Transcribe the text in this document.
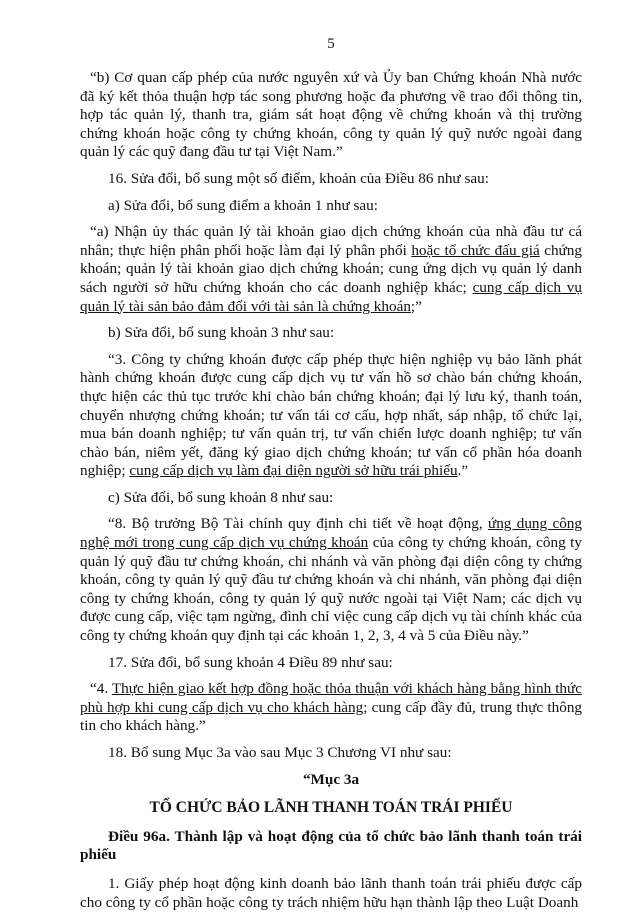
5

“b) Cơ quan cấp phép của nước nguyên xứ và Ủy ban Chứng khoán Nhà nước đã ký kết thỏa thuận hợp tác song phương hoặc đa phương về trao đổi thông tin, hợp tác quản lý, thanh tra, giám sát hoạt động về chứng khoán và thị trường chứng khoán hoặc công ty chứng khoán, công ty quản lý quỹ nước ngoài đang quản lý các quỹ đang đầu tư tại Việt Nam.”

16. Sửa đổi, bổ sung một số điểm, khoản của Điều 86 như sau:

a) Sửa đổi, bổ sung điểm a khoản 1 như sau:

“a) Nhận ủy thác quản lý tài khoản giao dịch chứng khoán của nhà đầu tư cá nhân; thực hiện phân phối hoặc làm đại lý phân phối hoặc tổ chức đấu giá chứng khoán; quản lý tài khoản giao dịch chứng khoán; cung ứng dịch vụ quản lý danh sách người sở hữu chứng khoán cho các doanh nghiệp khác; cung cấp dịch vụ quản lý tài sản bảo đảm đối với tài sản là chứng khoán;”

b) Sửa đổi, bổ sung khoản 3 như sau:

“3. Công ty chứng khoán được cấp phép thực hiện nghiệp vụ bảo lãnh phát hành chứng khoán được cung cấp dịch vụ tư vấn hồ sơ chào bán chứng khoán, thực hiện các thủ tục trước khi chào bán chứng khoán; đại lý lưu ký, thanh toán, chuyển nhượng chứng khoán; tư vấn tái cơ cấu, hợp nhất, sáp nhập, tổ chức lại, mua bán doanh nghiệp; tư vấn quản trị, tư vấn chiến lược doanh nghiệp; tư vấn chào bán, niêm yết, đăng ký giao dịch chứng khoán; tư vấn cổ phần hóa doanh nghiệp; cung cấp dịch vụ làm đại diện người sở hữu trái phiếu.”

c) Sửa đổi, bổ sung khoản 8 như sau:

“8. Bộ trưởng Bộ Tài chính quy định chi tiết về hoạt động, ứng dụng công nghệ mới trong cung cấp dịch vụ chứng khoán của công ty chứng khoán, công ty quản lý quỹ đầu tư chứng khoán, chi nhánh và văn phòng đại diện công ty chứng khoán, công ty quản lý quỹ đầu tư chứng khoán và chi nhánh, văn phòng đại diện công ty chứng khoán, công ty quản lý quỹ nước ngoài tại Việt Nam; các dịch vụ được cung cấp, việc tạm ngừng, đình chỉ việc cung cấp dịch vụ tài chính khác của công ty chứng khoán quy định tại các khoản 1, 2, 3, 4 và 5 của Điều này.”

17. Sửa đổi, bổ sung khoản 4 Điều 89 như sau:

“4. Thực hiện giao kết hợp đồng hoặc thỏa thuận với khách hàng bằng hình thức phù hợp khi cung cấp dịch vụ cho khách hàng; cung cấp đầy đủ, trung thực thông tin cho khách hàng.”

18. Bổ sung Mục 3a vào sau Mục 3 Chương VI như sau:

“Mục 3a

TỔ CHỨC BẢO LÃNH THANH TOÁN TRÁI PHIẾU

Điều 96a. Thành lập và hoạt động của tổ chức bảo lãnh thanh toán trái phiếu

1. Giấy phép hoạt động kinh doanh bảo lãnh thanh toán trái phiếu được cấp cho công ty cổ phần hoặc công ty trách nhiệm hữu hạn thành lập theo Luật Doanh
